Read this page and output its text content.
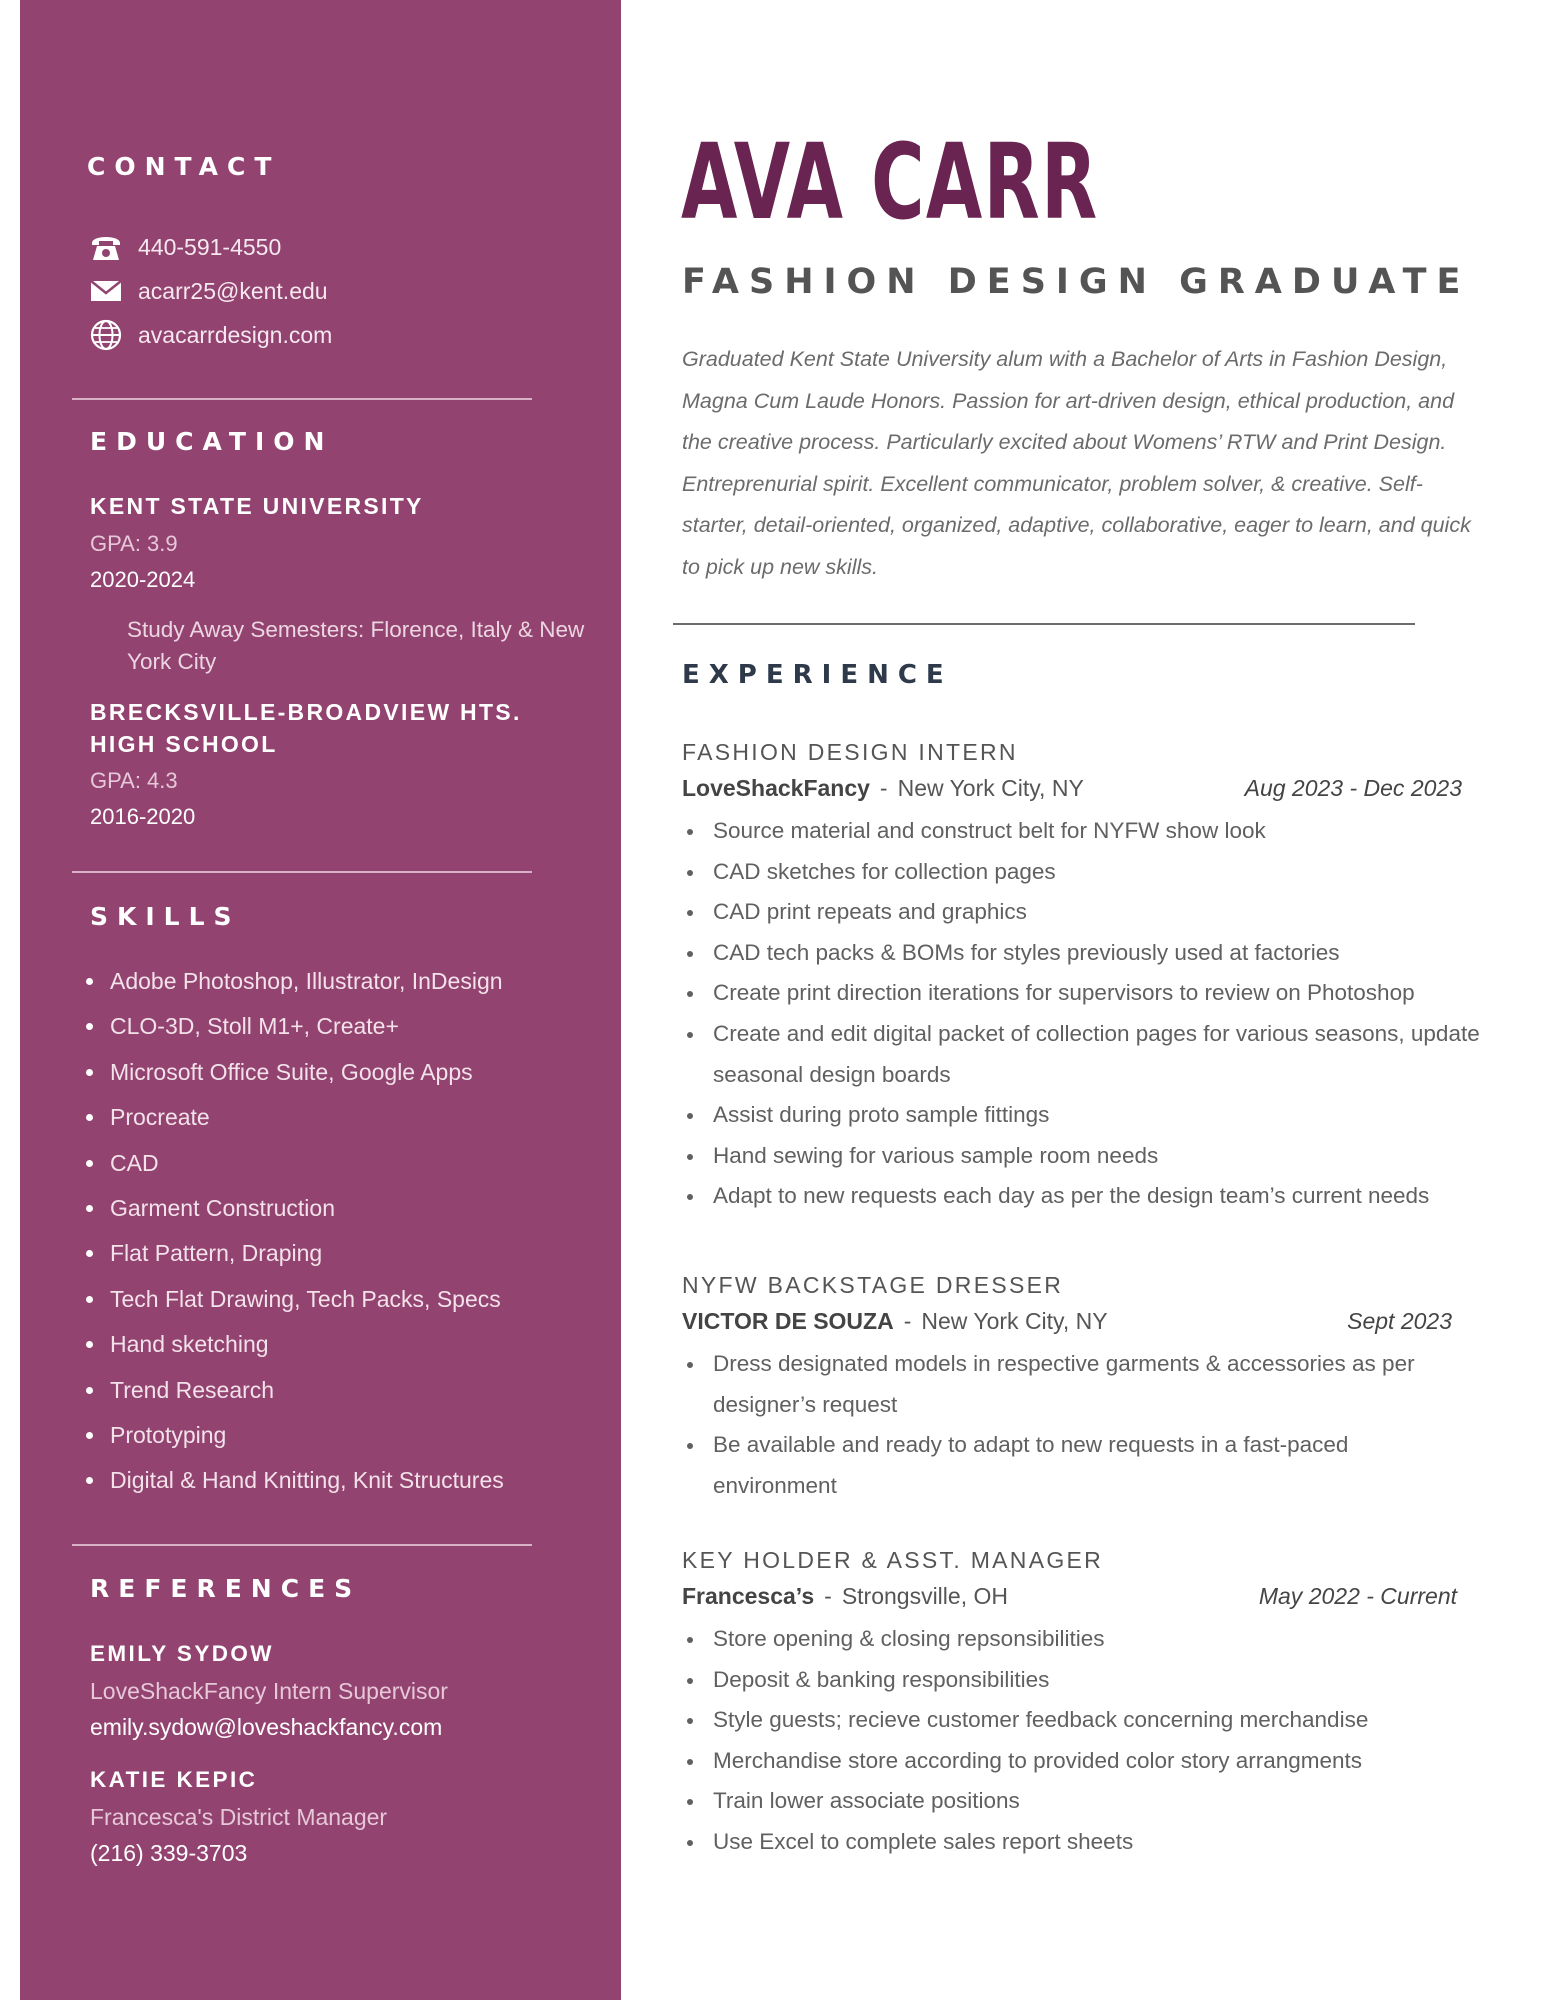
CONTACT
440-591-4550
acarr25@kent.edu
avacarrdesign.com
EDUCATION
KENT STATE UNIVERSITY
GPA: 3.9
2020-2024
Study Away Semesters: Florence, Italy & New York City
BRECKSVILLE-BROADVIEW HTS.
HIGH SCHOOL
GPA: 4.3
2016-2020
SKILLS
Adobe Photoshop, Illustrator, InDesign
CLO-3D, Stoll M1+, Create+
Microsoft Office Suite, Google Apps
Procreate
CAD
Garment Construction
Flat Pattern, Draping
Tech Flat Drawing, Tech Packs, Specs
Hand sketching
Trend Research
Prototyping
Digital & Hand Knitting, Knit Structures
REFERENCES
EMILY SYDOW
LoveShackFancy Intern Supervisor
emily.sydow@loveshackfancy.com
KATIE KEPIC
Francesca's District Manager
(216) 339-3703
AVA CARR
FASHION DESIGN GRADUATE

Graduated Kent State University alum with a Bachelor of Arts in Fashion Design, Magna Cum Laude Honors. Passion for art-driven design, ethical production, and the creative process. Particularly excited about Womens’ RTW and Print Design. Entreprenurial spirit. Excellent communicator, problem solver, & creative. Self-starter, detail-oriented, organized, adaptive, collaborative, eager to learn, and quick to pick up new skills.

EXPERIENCE
FASHION DESIGN INTERN
LoveShackFancy - New York City, NY	Aug 2023 - Dec 2023
Source material and construct belt for NYFW show look
CAD sketches for collection pages
CAD print repeats and graphics
CAD tech packs & BOMs for styles previously used at factories
Create print direction iterations for supervisors to review on Photoshop
Create and edit digital packet of collection pages for various seasons, update seasonal design boards
Assist during proto sample fittings
Hand sewing for various sample room needs
Adapt to new requests each day as per the design team’s current needs
NYFW BACKSTAGE DRESSER
VICTOR DE SOUZA - New York City, NY	Sept 2023
Dress designated models in respective garments & accessories as per designer’s request
Be available and ready to adapt to new requests in a fast-paced environment
KEY HOLDER & ASST. MANAGER
Francesca’s - Strongsville, OH	May 2022 - Current
Store opening & closing repsonsibilities
Deposit & banking responsibilities
Style guests; recieve customer feedback concerning merchandise
Merchandise store according to provided color story arrangments
Train lower associate positions
Use Excel to complete sales report sheets
